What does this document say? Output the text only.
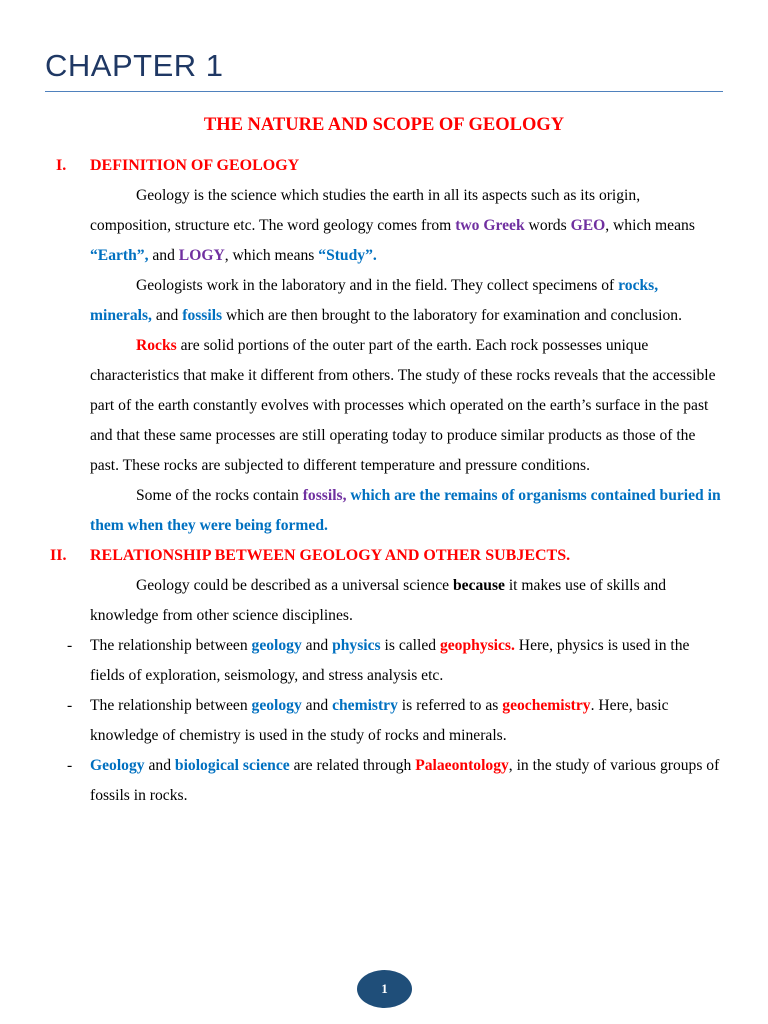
CHAPTER 1
THE NATURE AND SCOPE OF GEOLOGY
I. DEFINITION OF GEOLOGY

Geology is the science which studies the earth in all its aspects such as its origin, composition, structure etc. The word geology comes from two Greek words GEO, which means “Earth”, and LOGY, which means “Study”.

Geologists work in the laboratory and in the field. They collect specimens of rocks, minerals, and fossils which are then brought to the laboratory for examination and conclusion.

Rocks are solid portions of the outer part of the earth. Each rock possesses unique characteristics that make it different from others. The study of these rocks reveals that the accessible part of the earth constantly evolves with processes which operated on the earth’s surface in the past and that these same processes are still operating today to produce similar products as those of the past. These rocks are subjected to different temperature and pressure conditions.

Some of the rocks contain fossils, which are the remains of organisms contained buried in them when they were being formed.

II. RELATIONSHIP BETWEEN GEOLOGY AND OTHER SUBJECTS.

Geology could be described as a universal science because it makes use of skills and knowledge from other science disciplines.

- The relationship between geology and physics is called geophysics. Here, physics is used in the fields of exploration, seismology, and stress analysis etc.
- The relationship between geology and chemistry is referred to as geochemistry. Here, basic knowledge of chemistry is used in the study of rocks and minerals.
- Geology and biological science are related through Palaeontology, in the study of various groups of fossils in rocks.
1
